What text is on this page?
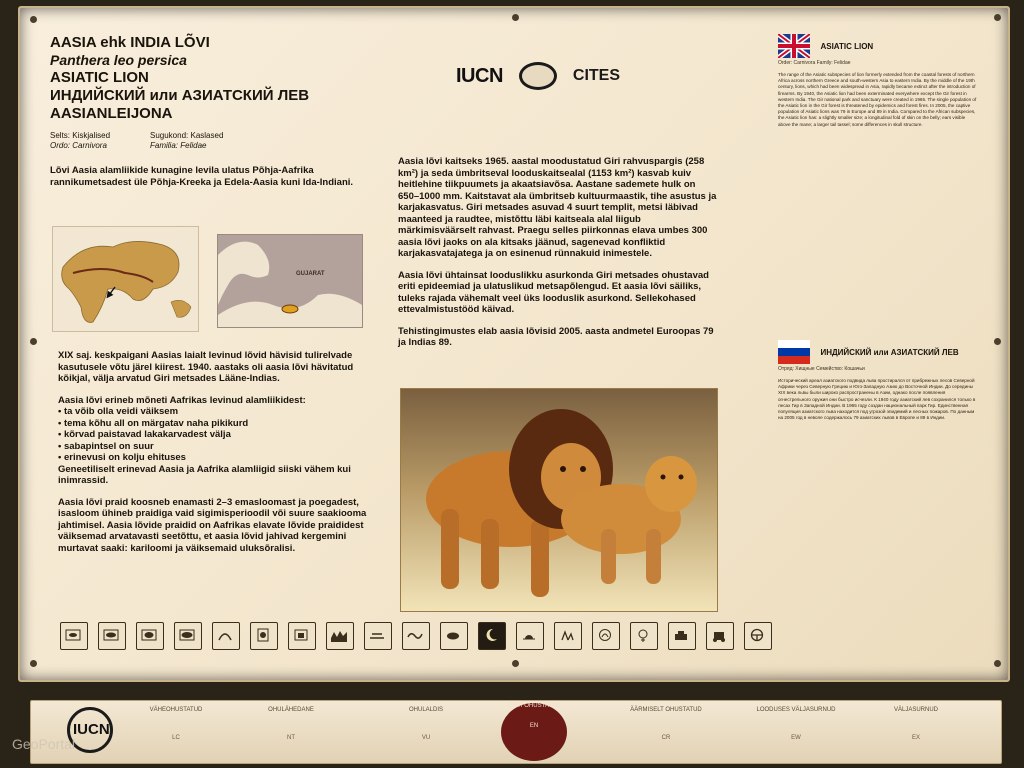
AASIA ehk INDIA LÕVI
Panthera leo persica
ASIATIC LION
ИНДИЙСКИЙ или АЗИАТСКИЙ ЛЕВ
AASIANLEIJONA
Selts: Kiskjalised	Sugukond: Kaslased
Ordo: Carnivora	Familia: Felidae

Lõvi Aasia alamliikide kunagine levila ulatus Põhja-Aafrika rannikumetsadest üle Põhja-Kreeka ja Edela-Aasia kuni Ida-Indiani.

GUJARAT

XIX saj. keskpaigani Aasias laialt levinud lõvid hävisid tulirelvade kasutusele võtu järel kiirest. 1940. aastaks oli aasia lõvi hävitatud kõikjal, välja arvatud Giri metsades Lääne-Indias.

Aasia lõvi erineb mõneti Aafrikas levinud alamliikidest:

• ta võib olla veidi väiksem

• tema kõhu all on märgatav naha pikikurd

• kõrvad paistavad lakakarvadest välja

• sabapintsel on suur

• erinevusi on kolju ehituses

Geneetiliselt erinevad Aasia ja Aafrika alamliigid siiski vähem kui inimrassid.

Aasia lõvi praid koosneb enamasti 2–3 emasloomast ja poegadest, isasloom ühineb praidiga vaid sigimisperioodil või suure saakiooma jahtimisel. Aasia lõvide praidid on Aafrikas elavate lõvide praididest väiksemad arvatavasti seetõttu, et aasia lõvid jahivad kergemini murtavat saaki: kariloomi ja väiksemaid uluksõralisi.

IUCN	CITES

Aasia lõvi kaitseks 1965. aastal moodustatud Giri rahvuspargis (258 km²) ja seda ümbritseval looduskaitsealal (1153 km²) kasvab kuiv heitlehine tiikpuumets ja akaatsiavõsa. Aastane sademete hulk on 650–1000 mm. Kaitstavat ala ümbritseb kultuurmaastik, tihe asustus ja karjakasvatus. Giri metsades asuvad 4 suurt templit, metsi läbivad maanteed ja raudtee, mistõttu läbi kaitseala alal liigub märkimisväärselt rahvast. Praegu selles piirkonnas elava umbes 300 aasia lõvi jaoks on ala kitsaks jäänud, sagenevad konfliktid karjakasvatajatega ja on esinenud rünnakuid inimestele.

Aasia lõvi ühtainsat looduslikku asurkonda Giri metsades ohustavad eriti epideemiad ja ulatuslikud metsapõlengud. Et aasia lõvi säiliks, tuleks rajada vähemalt veel üks looduslik asurkond. Sellekohased ettevalmistustööd käivad.

Tehistingimustes elab aasia lõvisid 2005. aasta andmetel Euroopas 79 ja Indias 89.

ASIATIC LION
Order: Carnivora Family: Felidae
The range of the Asiatic subspecies of lion formerly extended from the coastal forests of northern Africa across northern Greece and south-western Asia to eastern India. By the middle of the 19th century, lions, which had been widespread in Asia, rapidly became extinct after the introduction of firearms. By 1940, the Asiatic lion had been exterminated everywhere except the Gir forest in western India. The Gir national park and sanctuary were created in 1965. The single population of the Asiatic lion in the Gir forest is threatened by epidemics and forest fires. In 2005, the captive population of Asiatic lions was 79 in Europe and 89 in India. Compared to the African subspecies, the Asiatic lion has: a slightly smaller size; a longitudinal fold of skin on the belly; ears visible above the mane; a larger tail tassel; some differences in skull structure.
ИНДИЙСКИЙ или АЗИАТСКИЙ ЛЕВ
Отряд: Хищные Семейство: Кошачьи
Исторический ареал азиатского подвида льва простирался от прибрежных лесов Северной Африки через Северную Грецию и Юго-Западную Азию до Восточной Индии. До середины XIX века львы были широко распространены в Азии, однако после появления огнестрельного оружия они быстро исчезли. К 1940 году азиатский лев сохранился только в лесах Гир в Западной Индии. В 1965 году создан национальный парк Гир. Единственная популяция азиатского льва находится под угрозой эпидемий и лесных пожаров. По данным на 2005 год в неволе содержалось 79 азиатских львов в Европе и 89 в Индии.
IUCN
VÄHEOHUSTATUD
LC
OHULÄHEDANE
NT
OHULALDIS
VU
ERITI OHUSTATUD
EN
ÄÄRMISELT OHUSTATUD
CR
LOODUSES VÄLJASURNUD
EW
VÄLJASURNUD
EX
GeoPortal
